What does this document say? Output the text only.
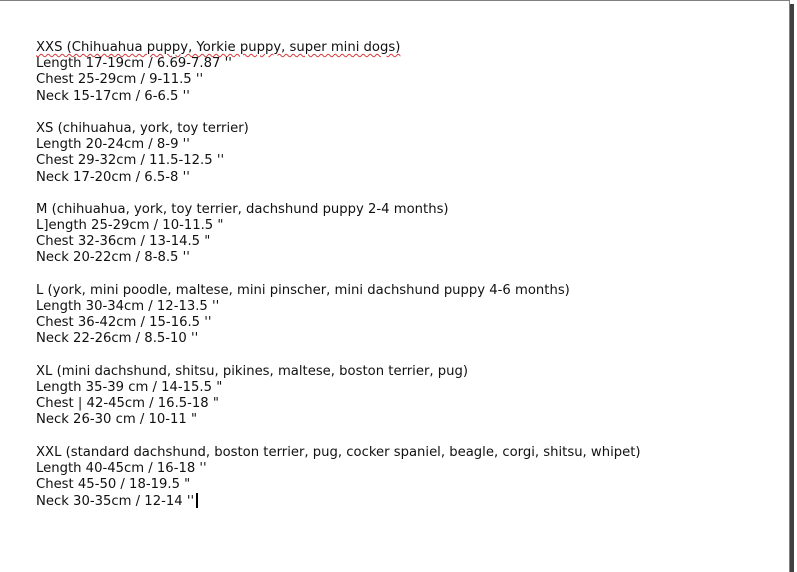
XXS (Chihuahua puppy, Yorkie puppy, super mini dogs)
Length 17-19cm / 6.69-7.87 ''
Chest 25-29cm / 9-11.5 ''
Neck 15-17cm / 6-6.5 ''
XS (chihuahua, york, toy terrier)
Length 20-24cm / 8-9 ''
Chest 29-32cm / 11.5-12.5 ''
Neck 17-20cm / 6.5-8 ''
M (chihuahua, york, toy terrier, dachshund puppy 2-4 months)
L]ength 25-29cm / 10-11.5 "
Chest 32-36cm / 13-14.5 "
Neck 20-22cm / 8-8.5 ''
L (york, mini poodle, maltese, mini pinscher, mini dachshund puppy 4-6 months)
Length 30-34cm / 12-13.5 ''
Chest 36-42cm / 15-16.5 ''
Neck 22-26cm / 8.5-10 ''
XL (mini dachshund, shitsu, pikines, maltese, boston terrier, pug)
Length 35-39 cm / 14-15.5 "
Chest | 42-45cm / 16.5-18 "
Neck 26-30 cm / 10-11 "
XXL (standard dachshund, boston terrier, pug, cocker spaniel, beagle, corgi, shitsu, whipet)
Length 40-45cm / 16-18 ''
Chest 45-50 / 18-19.5 "
Neck 30-35cm / 12-14 ''
